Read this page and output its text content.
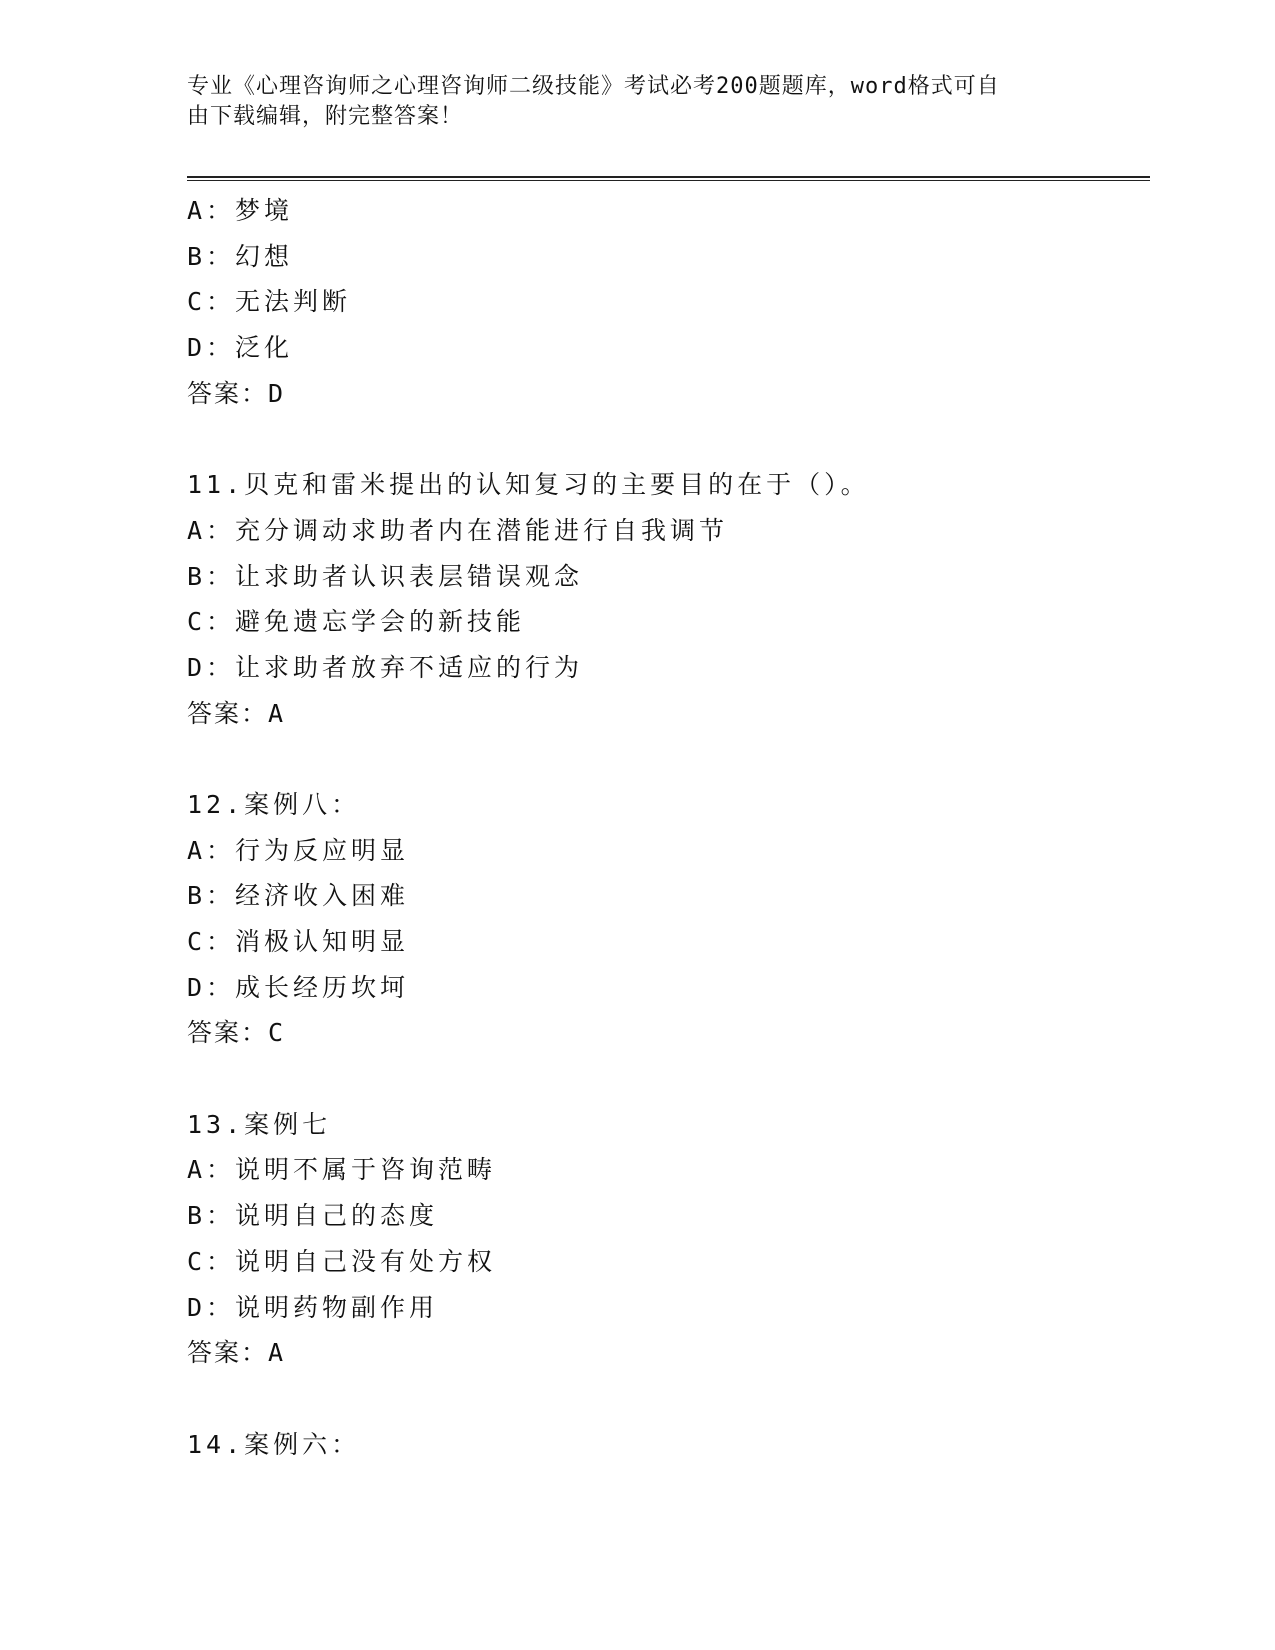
专业《心理咨询师之心理咨询师二级技能》考试必考200题题库，word格式可自
由下载编辑，附完整答案！
A：梦境
B：幻想
C：无法判断
D：泛化
答案：D
11.贝克和雷米提出的认知复习的主要目的在于（）。
A：充分调动求助者内在潜能进行自我调节
B：让求助者认识表层错误观念
C：避免遗忘学会的新技能
D：让求助者放弃不适应的行为
答案：A
12.案例八：
A：行为反应明显
B：经济收入困难
C：消极认知明显
D：成长经历坎坷
答案：C
13.案例七
A：说明不属于咨询范畴
B：说明自己的态度
C：说明自己没有处方权
D：说明药物副作用
答案：A
14.案例六：
